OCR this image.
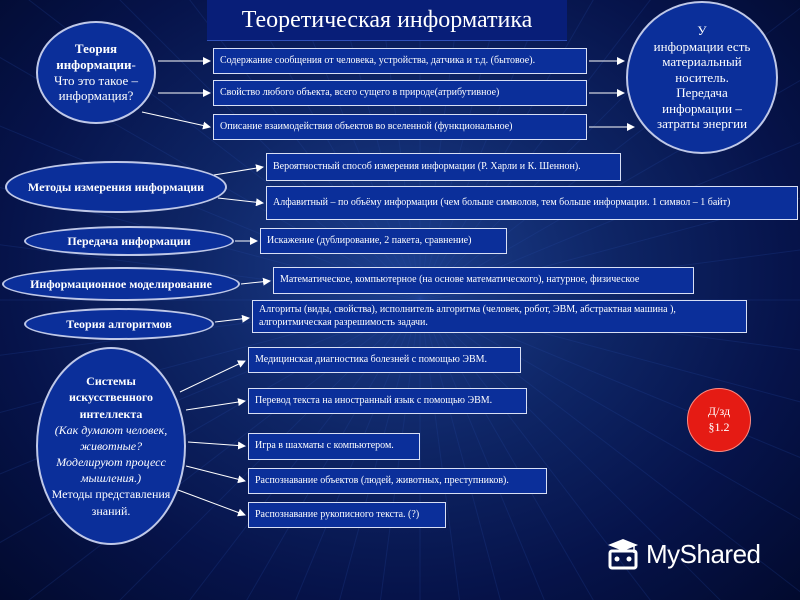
Теоретическая информатика
Теория
информации-
Что это такое –
информация?
У
информации есть
материальный
носитель.
Передача
информации –
затраты энергии
Содержание сообщения от человека, устройства, датчика и т.д. (бытовое).
Свойство любого объекта, всего сущего в природе(атрибутивное)
Описание взаимодействия объектов во вселенной (функциональное)
Методы измерения информации
Вероятностный способ измерения информации (Р. Харли и К. Шеннон).
Алфавитный – по объёму информации (чем больше символов, тем больше информации. 1 символ – 1 байт)
Передача информации	Искажение (дублирование, 2 пакета, сравнение)
Информационное моделирование	Математическое, компьютерное (на основе математического), натурное, физическое
Теория алгоритмов
Алгориты (виды, свойства), исполнитель алгоритма (человек, робот, ЭВМ, абстрактная машина ),
алгоритмическая разрешимость задачи.
Системы
искусственного
интеллекта
(Как думают человек,
животные?
Моделируют процесс
мышления.)
Методы представления
знаний.
Медицинская диагностика болезней с помощью ЭВМ.
Перевод текста на иностранный язык с помощью ЭВМ.
Игра в шахматы с компьютером.
Распознавание объектов (людей, животных, преступников).
Распознавание рукописного текста. (?)
Д/зд
§1.2
MyShared
